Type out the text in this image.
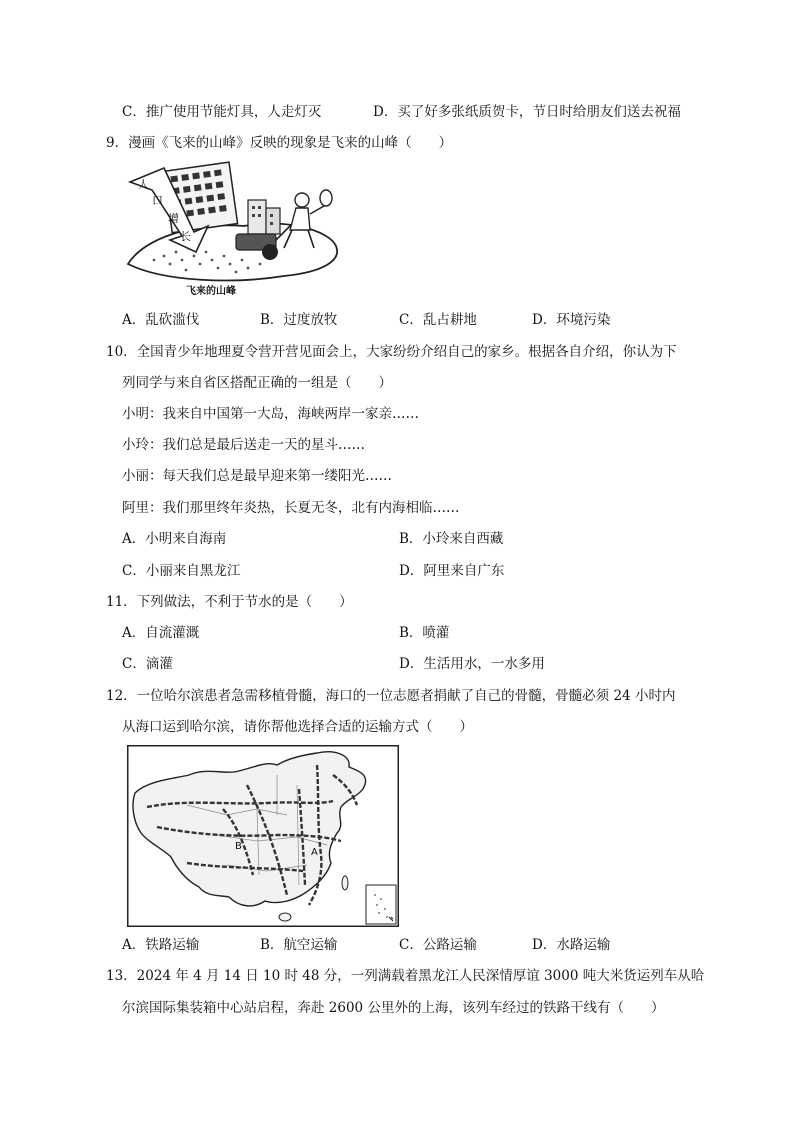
C．推广使用节能灯具，人走灯灭	D．买了好多张纸质贺卡，节日时给朋友们送去祝福
9．漫画《飞来的山峰》反映的现象是飞来的山峰（　　）
人
口
增
长
飞来的山峰
A．乱砍滥伐	B．过度放牧	C．乱占耕地	D．环境污染
10．全国青少年地理夏令营开营见面会上，大家纷纷介绍自己的家乡。根据各自介绍，你认为下
列同学与来自省区搭配正确的一组是（　　）
小明：我来自中国第一大岛，海峡两岸一家亲……
小玲：我们总是最后送走一天的星斗……
小丽：每天我们总是最早迎来第一缕阳光……
阿里：我们那里终年炎热，长夏无冬，北有内海相临……
A．小明来自海南	B．小玲来自西藏
C．小丽来自黑龙江	D．阿里来自广东
11．下列做法，不利于节水的是（　　）
A．自流灌溉	B．喷灌
C．滴灌	D．生活用水，一水多用
12．一位哈尔滨患者急需移植骨髓，海口的一位志愿者捐献了自己的骨髓，骨髓必须 24 小时内
从海口运到哈尔滨，请你帮他选择合适的运输方式（　　）
B
A
A．铁路运输	B．航空运输	C．公路运输	D．水路运输
13．2024 年 4 月 14 日 10 时 48 分，一列满载着黑龙江人民深情厚谊 3000 吨大米货运列车从哈
尔滨国际集装箱中心站启程，奔赴 2600 公里外的上海，该列车经过的铁路干线有（　　）
